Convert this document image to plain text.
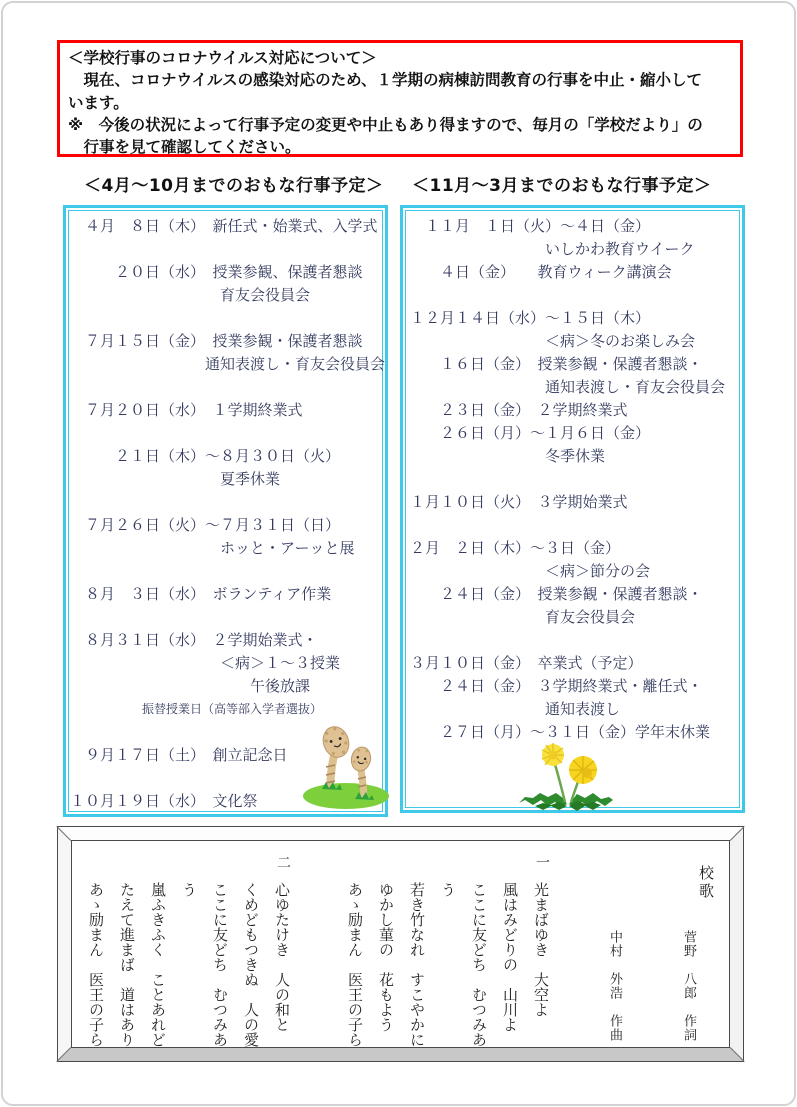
＜学校行事のコロナウイルス対応について＞
　現在、コロナウイルスの感染対応のため、１学期の病棟訪問教育の行事を中止・縮小して
います。
※　今後の状況によって行事予定の変更や中止もあり得ますので、毎月の「学校だより」の
　行事を見て確認してください。
＜4月～10月までのおもな行事予定＞ ＜11月～3月までのおもな行事予定＞
　４月　８日（木）　新任式・始業式、入学式
　　　２０日（水）　授業参観、保護者懇談
　　　　　　　　　　育友会役員会
　７月１５日（金）　授業参観・保護者懇談
　　　　　　　　　通知表渡し・育友会役員会
　７月２０日（水）　１学期終業式
　　　２１日（木）～８月３０日（火）
　　　　　　　　　　夏季休業
　７月２６日（火）～７月３１日（日）
　　　　　　　　　　ホッと・アーッと展
　８月　３日（水）　ボランティア作業
　８月３１日（水）　２学期始業式・
　　　　　　　　　　＜病＞１～３授業
　　　　　　　　　　　　午後放課
　　　　　　振替授業日（高等部入学者選抜）
　９月１７日（土）　創立記念日
１０月１９日（水）　文化祭
　１１月　１日（火）～４日（金）
　　　　　　　　　いしかわ教育ウイーク
　　４日（金）　　教育ウィーク講演会
１２月１４日（水）～１５日（木）
　　　　　　　　　＜病＞冬のお楽しみ会
　　１６日（金）　授業参観・保護者懇談・
　　　　　　　　　通知表渡し・育友会役員会
　　２３日（金）　２学期終業式
　　２６日（月）～１月６日（金）
　　　　　　　　　冬季休業
１月１０日（火）　３学期始業式
２月　２日（木）～３日（金）
　　　　　　　　　＜病＞節分の会
　　２４日（金）　授業参観・保護者懇談・
　　　　　　　　　育友会役員会
３月１０日（金）　卒業式（予定）
　　２４日（金）　３学期終業式・離任式・
　　　　　　　　　通知表渡し
　　２７日（月）～３１日（金）学年末休業
校歌
菅野　八郎　作詞
中村　外浩　作曲
一
光まばゆき　大空よ
風はみどりの　山川よ
ここに友どち　むつみあう
若き竹なれ　すこやかに
ゆかし菫の　花もよう
あゝ励まん　医王の子ら
二
心ゆたけき　人の和と
くめどもつきぬ　人の愛
ここに友どち　むつみあう
嵐ふきふく　ことあれど
たえて進まば　道はあり
あゝ励まん　医王の子ら
